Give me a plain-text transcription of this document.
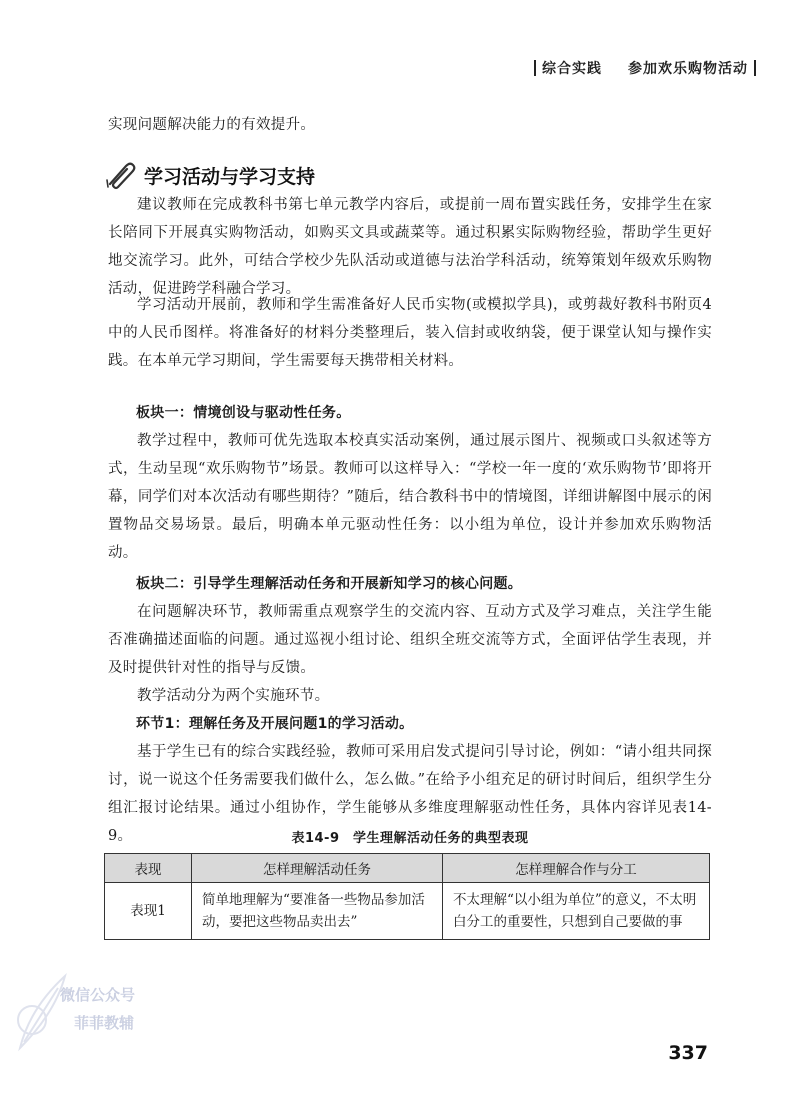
综合实践 参加欢乐购物活动

实现问题解决能力的有效提升。

学习活动与学习支持

建议教师在完成教科书第七单元教学内容后，或提前一周布置实践任务，安排学生在家长陪同下开展真实购物活动，如购买文具或蔬菜等。通过积累实际购物经验，帮助学生更好地交流学习。此外，可结合学校少先队活动或道德与法治学科活动，统筹策划年级欢乐购物活动，促进跨学科融合学习。

学习活动开展前，教师和学生需准备好人民币实物(或模拟学具)，或剪裁好教科书附页4中的人民币图样。将准备好的材料分类整理后，装入信封或收纳袋，便于课堂认知与操作实践。在本单元学习期间，学生需要每天携带相关材料。

板块一：情境创设与驱动性任务。

教学过程中，教师可优先选取本校真实活动案例，通过展示图片、视频或口头叙述等方式，生动呈现“欢乐购物节”场景。教师可以这样导入：“学校一年一度的‘欢乐购物节’即将开幕，同学们对本次活动有哪些期待？”随后，结合教科书中的情境图，详细讲解图中展示的闲置物品交易场景。最后，明确本单元驱动性任务：以小组为单位，设计并参加欢乐购物活动。

板块二：引导学生理解活动任务和开展新知学习的核心问题。

在问题解决环节，教师需重点观察学生的交流内容、互动方式及学习难点，关注学生能否准确描述面临的问题。通过巡视小组讨论、组织全班交流等方式，全面评估学生表现，并及时提供针对性的指导与反馈。

教学活动分为两个实施环节。

环节1：理解任务及开展问题1的学习活动。

基于学生已有的综合实践经验，教师可采用启发式提问引导讨论，例如：“请小组共同探讨，说一说这个任务需要我们做什么，怎么做。”在给予小组充足的研讨时间后，组织学生分组汇报讨论结果。通过小组协作，学生能够从多维度理解驱动性任务，具体内容详见表14-9。	表14-9　学生理解活动任务的典型表现
表现	怎样理解活动任务	怎样理解合作与分工
表现1	简单地理解为“要准备一些物品参加活动，要把这些物品卖出去”	不太理解“以小组为单位”的意义，不太明白分工的重要性，只想到自己要做的事
微信公众号
菲菲教辅
337
